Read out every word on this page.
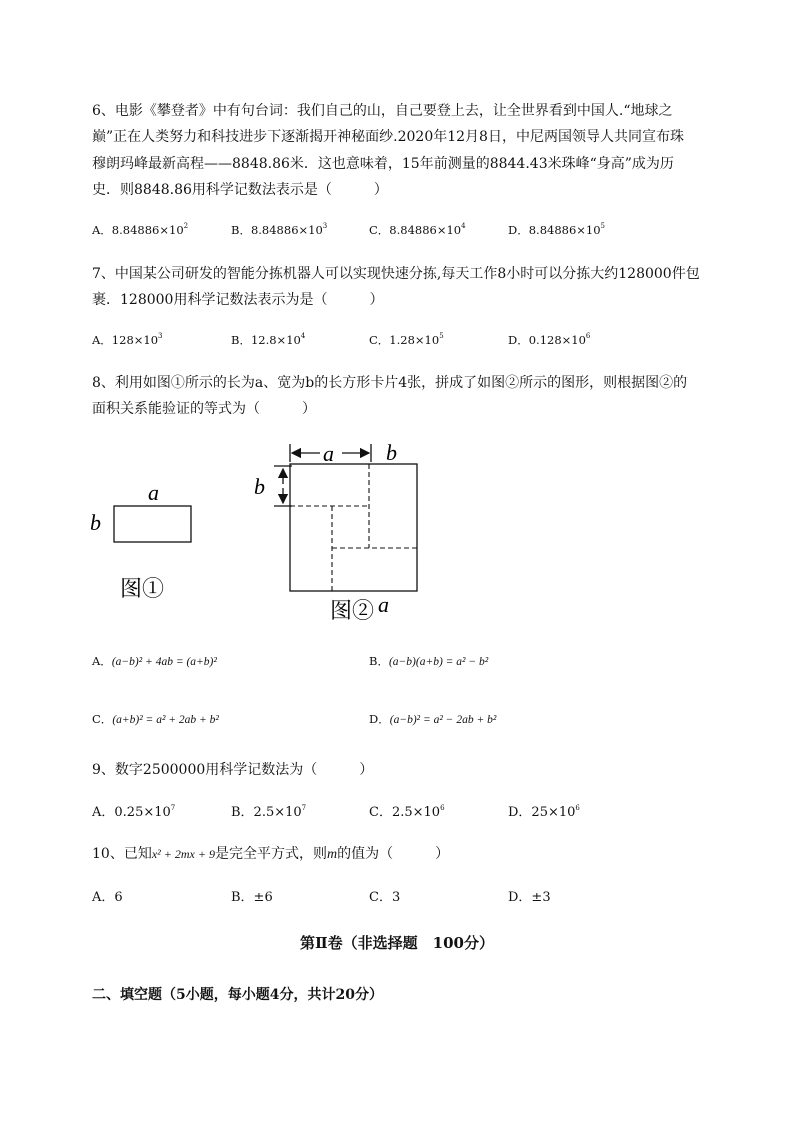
6、电影《攀登者》中有句台词：我们自己的山，自己要登上去，让全世界看到中国人.“地球之
巅”正在人类努力和科技进步下逐渐揭开神秘面纱.2020年12月8日，中尼两国领导人共同宣布珠
穆朗玛峰最新高程——8848.86米．这也意味着，15年前测量的8844.43米珠峰“身高”成为历
史．则8848.86用科学记数法表示是（　　　）
A．$8.84886\times 10^2$	B．$8.84886\times 10^3$	C．$8.84886\times 10^4$	D．$8.84886\times 10^5$
7、中国某公司研发的智能分拣机器人可以实现快速分拣,每天工作8小时可以分拣大约128000件包
裹．128000用科学记数法表示为是（　　　）
A．$128\times 10^3$	B．$12.8\times 10^4$	C．$1.28\times 10^5$	D．$0.128\times 10^6$
8、利用如图①所示的长为a、宽为b的长方形卡片4张，拼成了如图②所示的图形，则根据图②的
面积关系能验证的等式为（　　　）
a
b
图①
a b
b
图② a
A．(a−b)² + 4ab = (a+b)²	B．(a−b)(a+b) = a² − b²
C．(a+b)² = a² + 2ab + b²	D．(a−b)² = a² − 2ab + b²
9、数字2500000用科学记数法为（　　　）
A．$0.25\times 10^7$	B．$2.5\times 10^7$	C．$2.5\times 10^6$	D．$25\times 10^6$
10、已知x² + 2mx + 9是完全平方式，则m的值为（　　　）
A．6	B．±6	C．3	D．±3
第Ⅱ卷（非选择题　100分）
二、填空题（5小题，每小题4分，共计20分）
